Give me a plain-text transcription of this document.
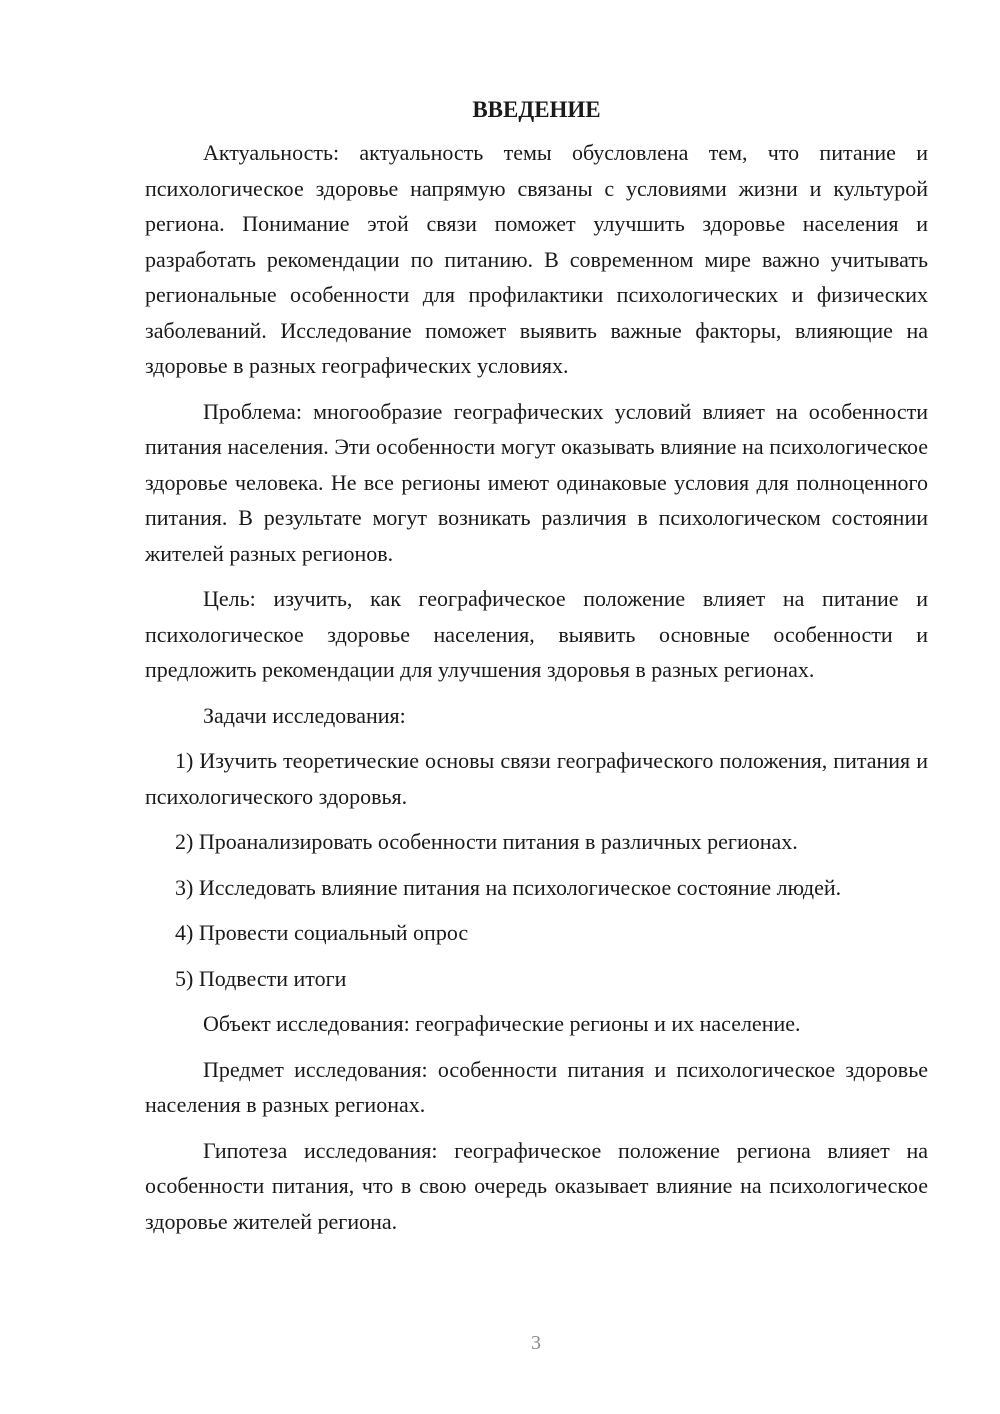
ВВЕДЕНИЕ

Актуальность: актуальность темы обусловлена тем, что питание и психологическое здоровье напрямую связаны с условиями жизни и культурой региона. Понимание этой связи поможет улучшить здоровье населения и разработать рекомендации по питанию. В современном мире важно учитывать региональные особенности для профилактики психологических и физических заболеваний. Исследование поможет выявить важные факторы, влияющие на здоровье в разных географических условиях.

Проблема: многообразие географических условий влияет на особенности питания населения. Эти особенности могут оказывать влияние на психологическое здоровье человека. Не все регионы имеют одинаковые условия для полноценного питания. В результате могут возникать различия в психологическом состоянии жителей разных регионов.

Цель: изучить, как географическое положение влияет на питание и психологическое здоровье населения, выявить основные особенности и предложить рекомендации для улучшения здоровья в разных регионах.

Задачи исследования:

1) Изучить теоретические основы связи географического положения, питания и психологического здоровья.

2) Проанализировать особенности питания в различных регионах.

3) Исследовать влияние питания на психологическое состояние людей.

4) Провести социальный опрос

5) Подвести итоги

Объект исследования: географические регионы и их население.

Предмет исследования: особенности питания и психологическое здоровье населения в разных регионах.

Гипотеза исследования: географическое положение региона влияет на особенности питания, что в свою очередь оказывает влияние на психологическое здоровье жителей региона.

3
